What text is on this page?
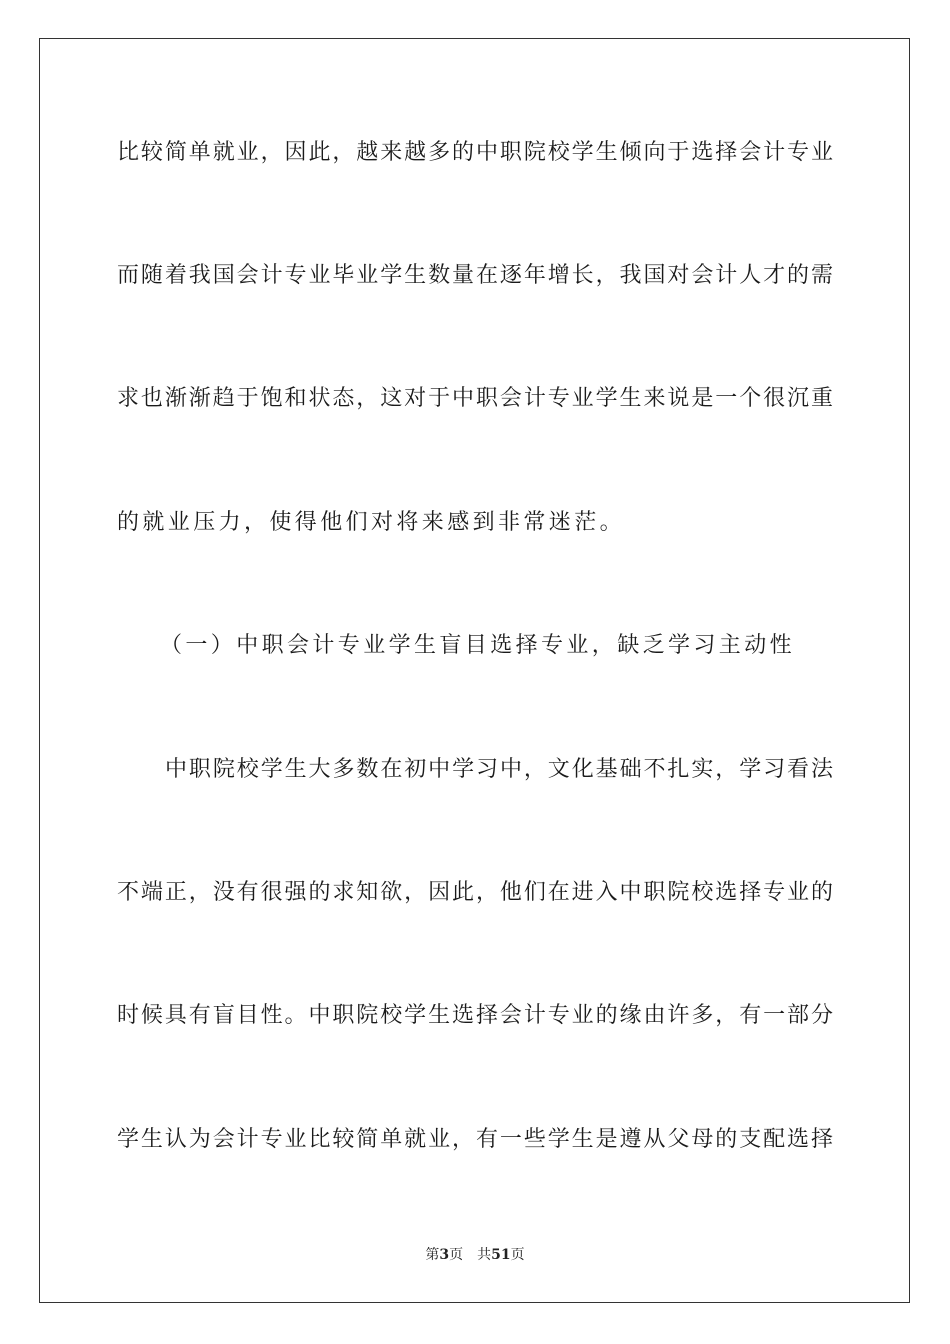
比较简单就业，因此，越来越多的中职院校学生倾向于选择会计专业
而随着我国会计专业毕业学生数量在逐年增长，我国对会计人才的需
求也渐渐趋于饱和状态，这对于中职会计专业学生来说是一个很沉重
的就业压力，使得他们对将来感到非常迷茫。
（一）中职会计专业学生盲目选择专业，缺乏学习主动性
中职院校学生大多数在初中学习中，文化基础不扎实，学习看法
不端正，没有很强的求知欲，因此，他们在进入中职院校选择专业的
时候具有盲目性。中职院校学生选择会计专业的缘由许多，有一部分
学生认为会计专业比较简单就业，有一些学生是遵从父母的支配选择
第3页 共51页
